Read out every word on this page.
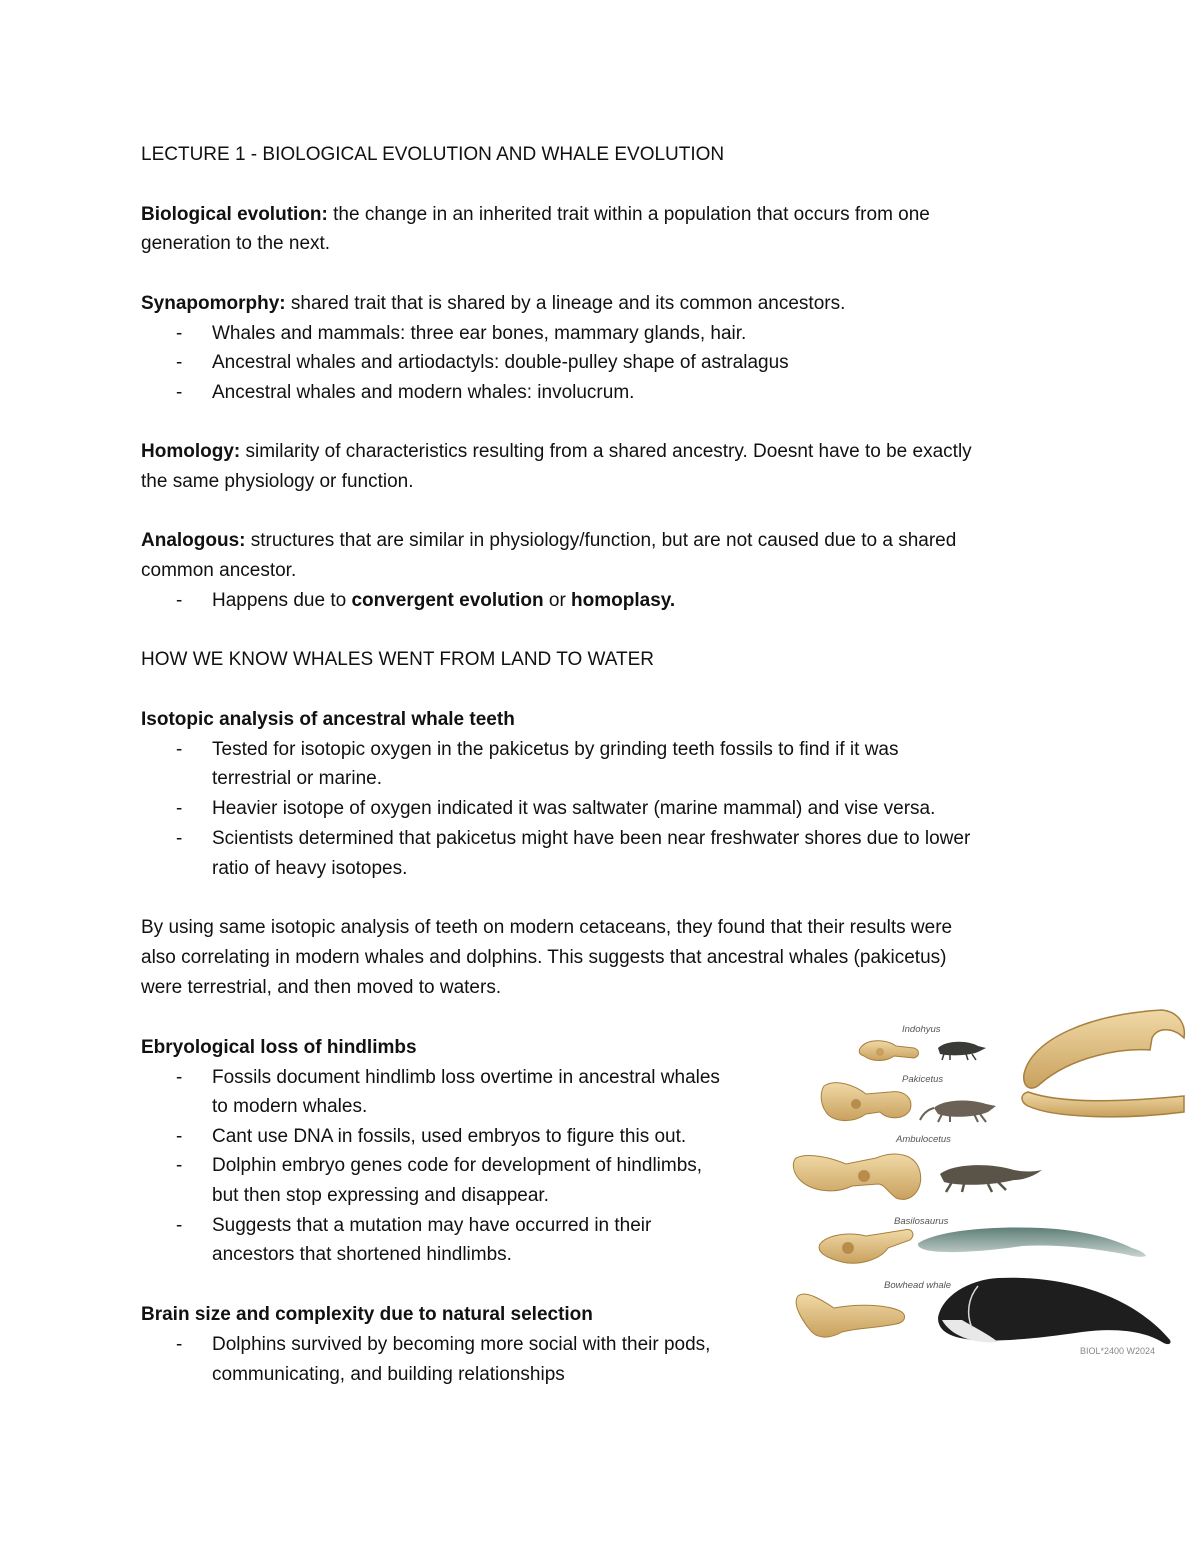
LECTURE 1 - BIOLOGICAL EVOLUTION AND WHALE EVOLUTION
Biological evolution: the change in an inherited trait within a population that occurs from one
generation to the next.
Synapomorphy: shared trait that is shared by a lineage and its common ancestors.
- Whales and mammals: three ear bones, mammary glands, hair.
- Ancestral whales and artiodactyls: double-pulley shape of astralagus
- Ancestral whales and modern whales: involucrum.
Homology: similarity of characteristics resulting from a shared ancestry. Doesnt have to be exactly
the same physiology or function.
Analogous: structures that are similar in physiology/function, but are not caused due to a shared
common ancestor.
- Happens due to convergent evolution or homoplasy.
HOW WE KNOW WHALES WENT FROM LAND TO WATER
Isotopic analysis of ancestral whale teeth
- Tested for isotopic oxygen in the pakicetus by grinding teeth fossils to find if it was
terrestrial or marine.
- Heavier isotope of oxygen indicated it was saltwater (marine mammal) and vise versa.
- Scientists determined that pakicetus might have been near freshwater shores due to lower
ratio of heavy isotopes.
By using same isotopic analysis of teeth on modern cetaceans, they found that their results were
also correlating in modern whales and dolphins. This suggests that ancestral whales (pakicetus)
were terrestrial, and then moved to waters.
Ebryological loss of hindlimbs
- Fossils document hindlimb loss overtime in ancestral whales
to modern whales.
- Cant use DNA in fossils, used embryos to figure this out.
- Dolphin embryo genes code for development of hindlimbs,
but then stop expressing and disappear.
- Suggests that a mutation may have occurred in their
ancestors that shortened hindlimbs.
Brain size and complexity due to natural selection
- Dolphins survived by becoming more social with their pods,
communicating, and building relationships
Indohyus
Pakicetus
Ambulocetus
Basilosaurus
Bowhead whale
BIOL*2400 W2024
